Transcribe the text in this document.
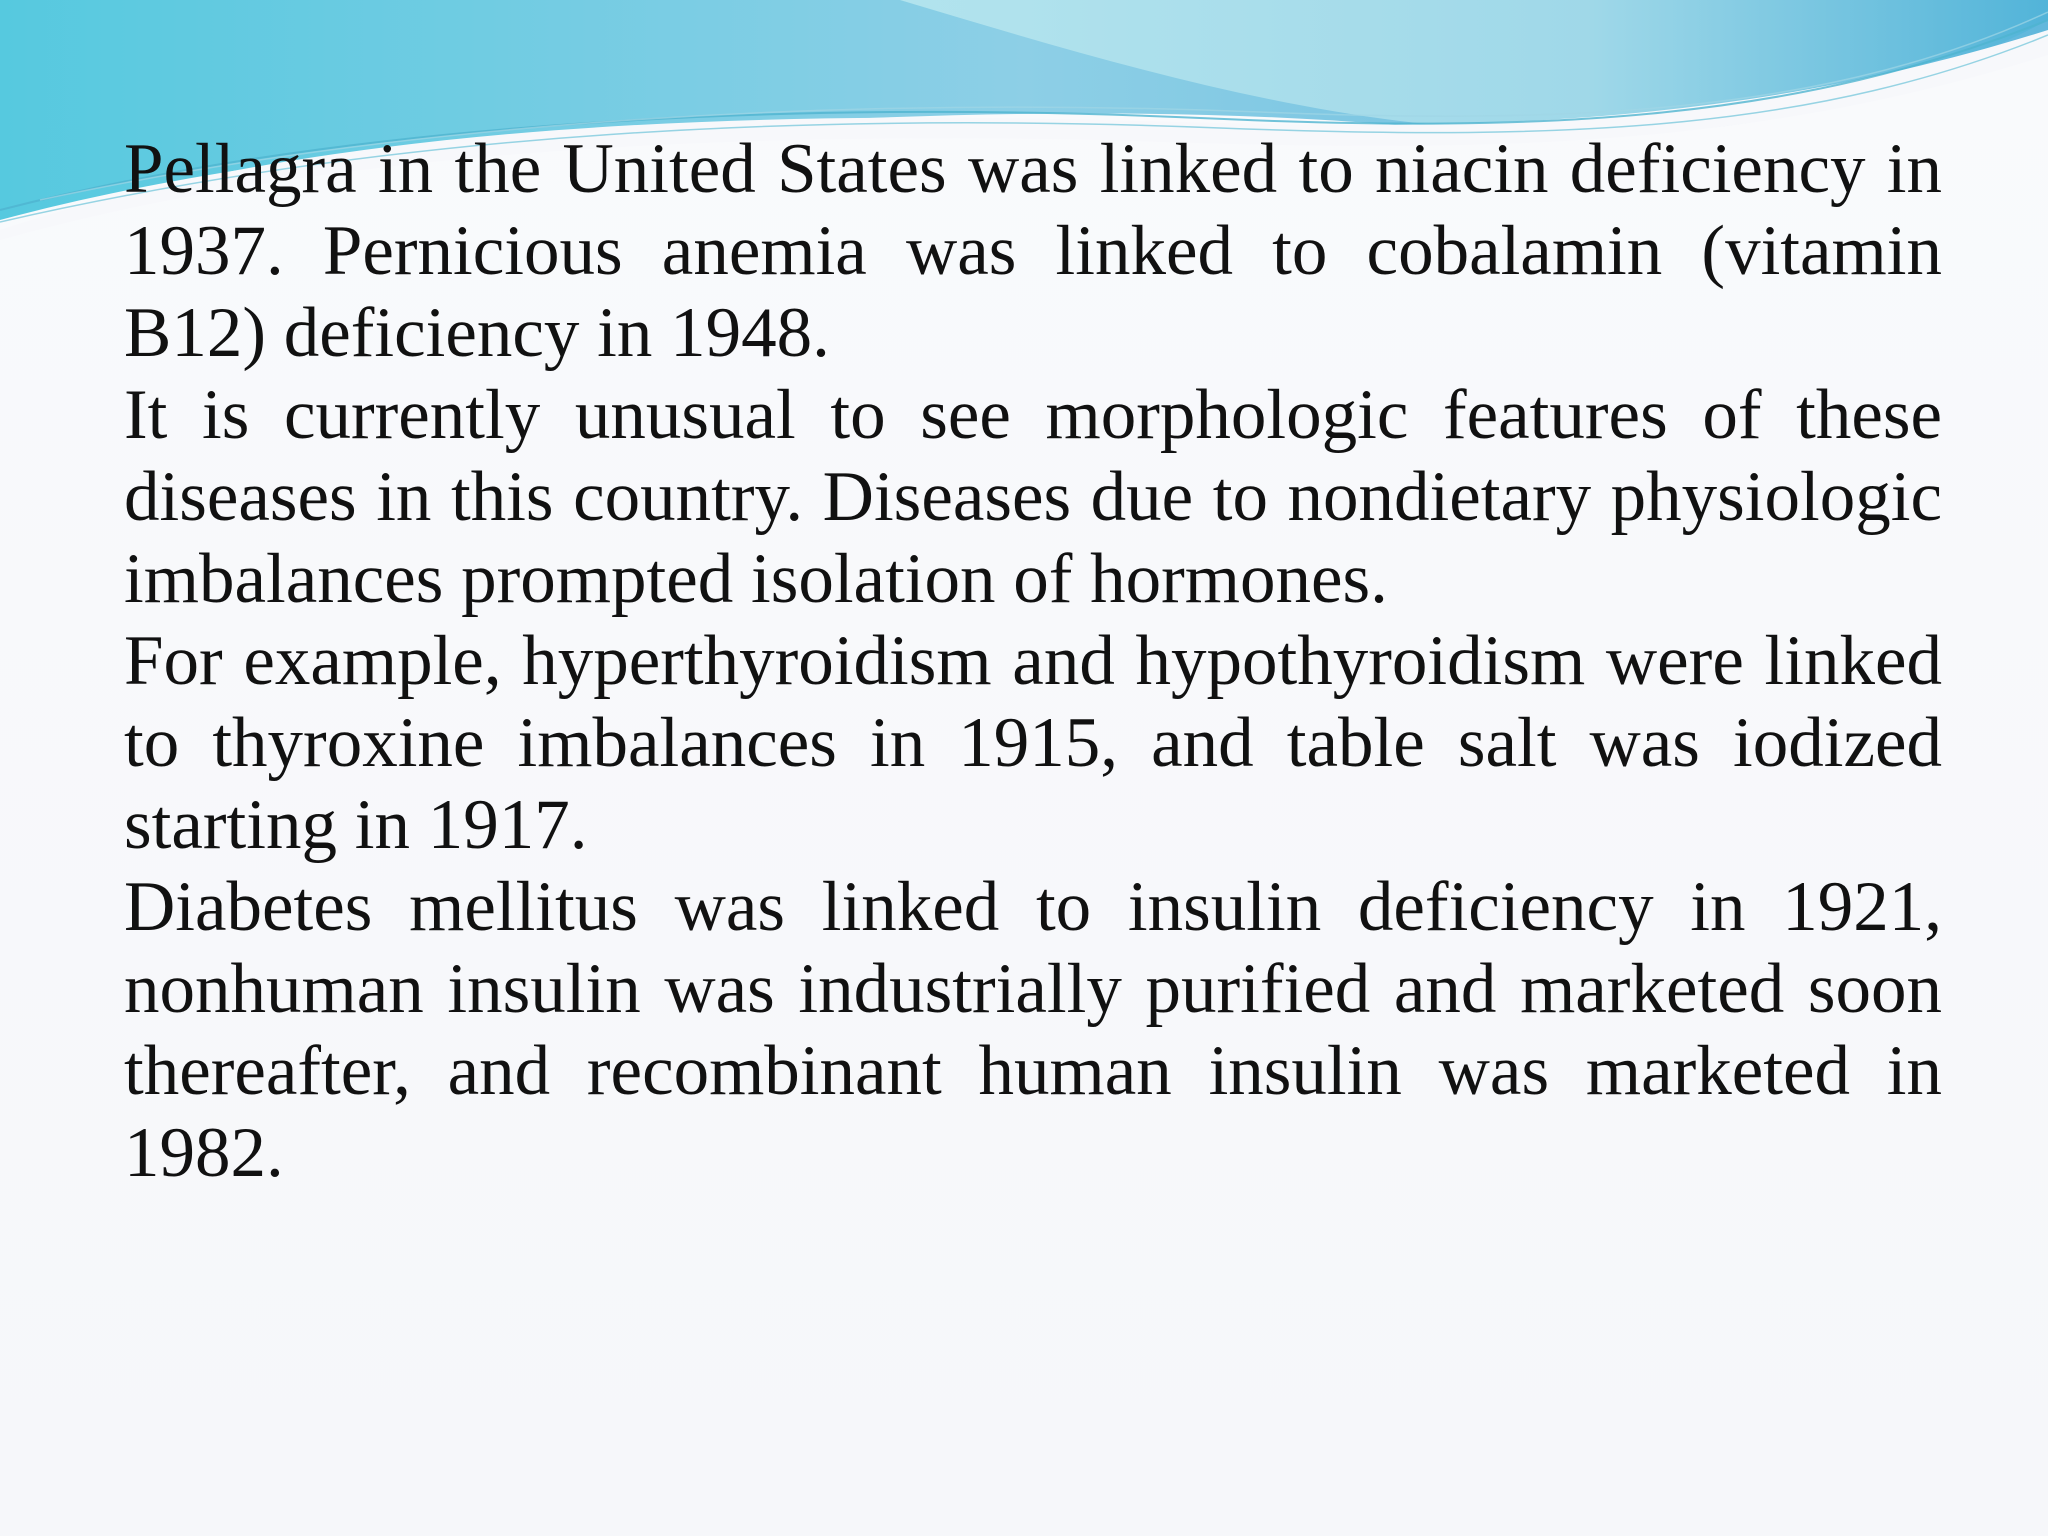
Pellagra in the United States was linked to niacin deficiency in 1937. Pernicious anemia was linked to cobalamin (vitamin B12) deficiency in 1948.

It is currently unusual to see morphologic features of these diseases in this country. Diseases due to nondietary physiologic imbalances prompted isolation of hormones.

For example, hyperthyroidism and hypothyroidism were linked to thyroxine imbalances in 1915, and table salt was iodized starting in 1917.

Diabetes mellitus was linked to insulin deficiency in 1921, nonhuman insulin was industrially purified and marketed soon thereafter, and recombinant human insulin was marketed in 1982.
